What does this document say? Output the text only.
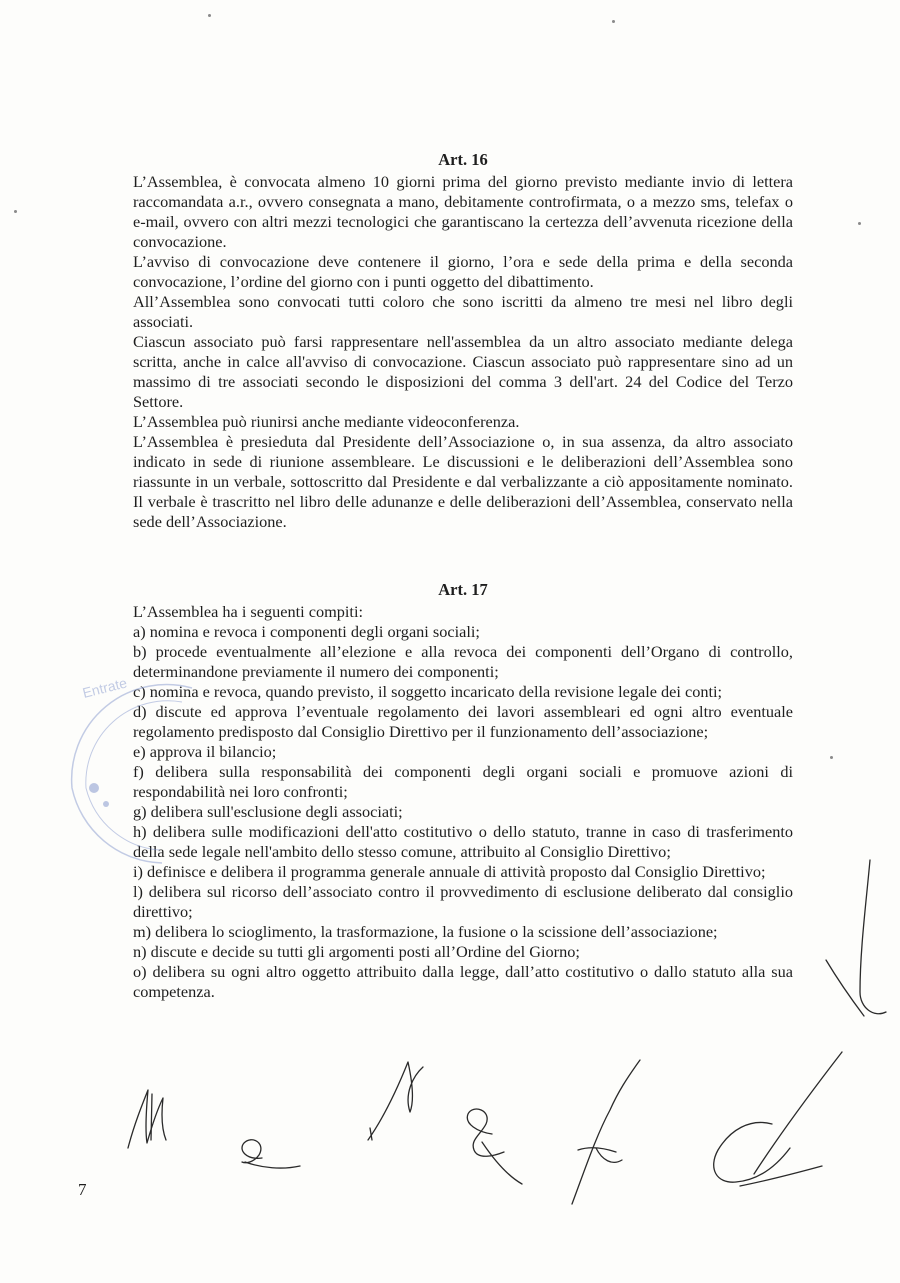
Art. 16

L’Assemblea, è convocata almeno 10 giorni prima del giorno previsto mediante invio di lettera raccomandata a.r., ovvero consegnata a mano, debitamente controfirmata, o a mezzo sms, telefax o e-mail, ovvero con altri mezzi tecnologici che garantiscano la certezza dell’avvenuta ricezione della convocazione.

L’avviso di convocazione deve contenere il giorno, l’ora e sede della prima e della seconda convocazione, l’ordine del giorno con i punti oggetto del dibattimento.

All’Assemblea sono convocati tutti coloro che sono iscritti da almeno tre mesi nel libro degli associati.

Ciascun associato può farsi rappresentare nell'assemblea da un altro associato mediante delega scritta, anche in calce all'avviso di convocazione. Ciascun associato può rappresentare sino ad un massimo di tre associati secondo le disposizioni del comma 3 dell'art. 24 del Codice del Terzo Settore.

L’Assemblea può riunirsi anche mediante videoconferenza.

L’Assemblea è presieduta dal Presidente dell’Associazione o, in sua assenza, da altro associato indicato in sede di riunione assembleare. Le discussioni e le deliberazioni dell’Assemblea sono riassunte in un verbale, sottoscritto dal Presidente e dal verbalizzante a ciò appositamente nominato. Il verbale è trascritto nel libro delle adunanze e delle deliberazioni dell’Assemblea, conservato nella sede dell’Associazione.

Art. 17

L’Assemblea ha i seguenti compiti:

a) nomina e revoca i componenti degli organi sociali;

b) procede eventualmente all’elezione e alla revoca dei componenti dell’Organo di controllo, determinandone previamente il numero dei componenti;

c) nomina e revoca, quando previsto, il soggetto incaricato della revisione legale dei conti;

d) discute ed approva l’eventuale regolamento dei lavori assembleari ed ogni altro eventuale regolamento predisposto dal Consiglio Direttivo per il funzionamento dell’associazione;

e) approva il bilancio;

f) delibera sulla responsabilità dei componenti degli organi sociali e promuove azioni di respondabilità nei loro confronti;

g) delibera sull'esclusione degli associati;

h) delibera sulle modificazioni dell'atto costitutivo o dello statuto, tranne in caso di trasferimento della sede legale nell'ambito dello stesso comune, attribuito al Consiglio Direttivo;

i) definisce e delibera il programma generale annuale di attività proposto dal Consiglio Direttivo;

l) delibera sul ricorso dell’associato contro il provvedimento di esclusione deliberato dal consiglio direttivo;

m) delibera lo scioglimento, la trasformazione, la fusione o la scissione dell’associazione;

n) discute e decide su tutti gli argomenti posti all’Ordine del Giorno;

o) delibera su ogni altro oggetto attribuito dalla legge, dall’atto costitutivo o dallo statuto alla sua competenza.

Entrate
7
